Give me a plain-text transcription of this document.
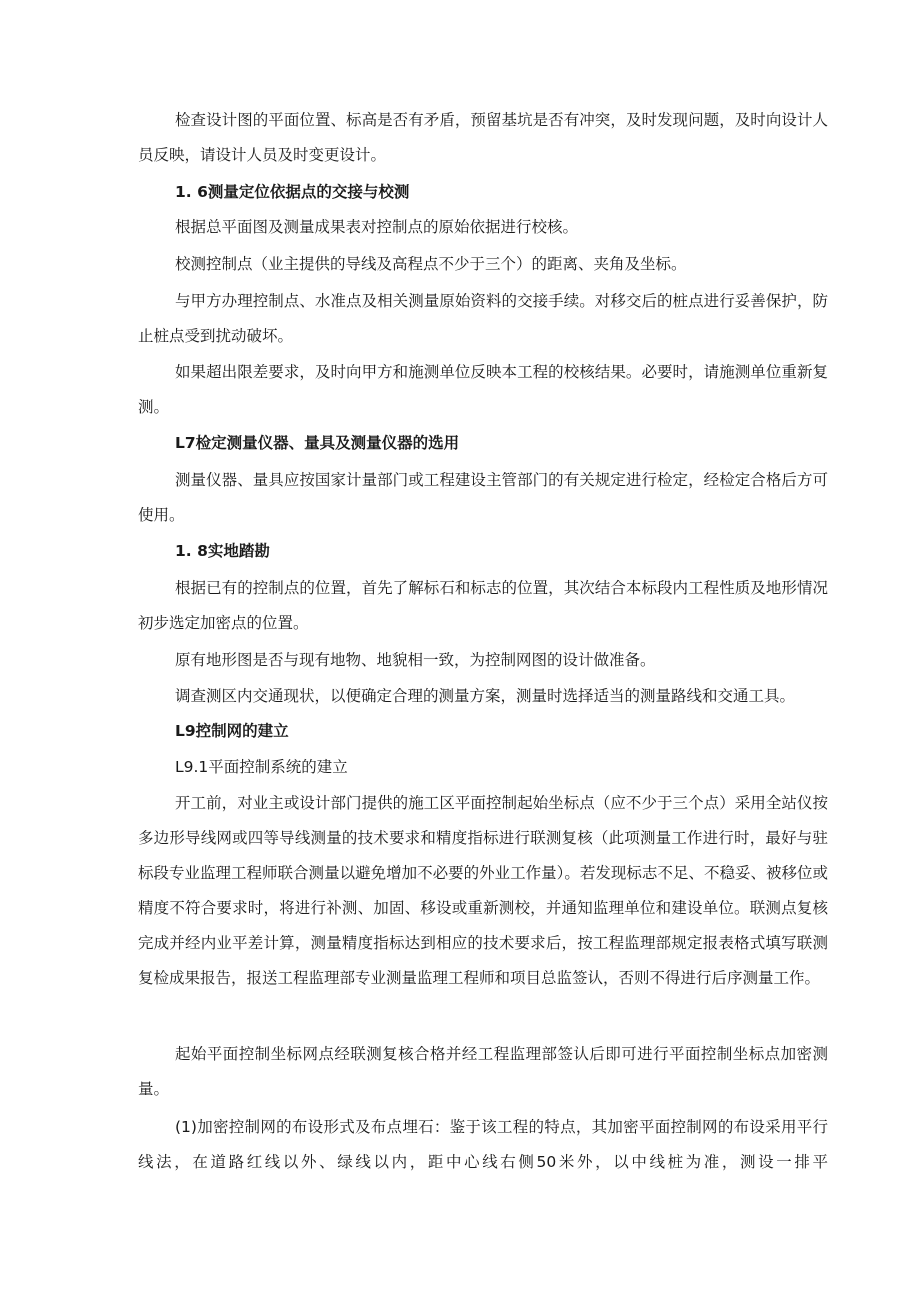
检查设计图的平面位置、标高是否有矛盾，预留基坑是否有冲突，及时发现问题，及时向设计人员反映，请设计人员及时变更设计。
1. 6测量定位依据点的交接与校测
根据总平面图及测量成果表对控制点的原始依据进行校核。
校测控制点（业主提供的导线及高程点不少于三个）的距离、夹角及坐标。
与甲方办理控制点、水准点及相关测量原始资料的交接手续。对移交后的桩点进行妥善保护，防止桩点受到扰动破坏。
如果超出限差要求，及时向甲方和施测单位反映本工程的校核结果。必要时，请施测单位重新复测。
L7检定测量仪器、量具及测量仪器的选用
测量仪器、量具应按国家计量部门或工程建设主管部门的有关规定进行检定，经检定合格后方可使用。
1. 8实地踏勘
根据已有的控制点的位置，首先了解标石和标志的位置，其次结合本标段内工程性质及地形情况初步选定加密点的位置。
原有地形图是否与现有地物、地貌相一致，为控制网图的设计做准备。
调查测区内交通现状，以便确定合理的测量方案，测量时选择适当的测量路线和交通工具。
L9控制网的建立
L9.1平面控制系统的建立
开工前，对业主或设计部门提供的施工区平面控制起始坐标点（应不少于三个点）采用全站仪按多边形导线网或四等导线测量的技术要求和精度指标进行联测复核（此项测量工作进行时，最好与驻标段专业监理工程师联合测量以避免增加不必要的外业工作量）。若发现标志不足、不稳妥、被移位或精度不符合要求时，将进行补测、加固、移设或重新测校，并通知监理单位和建设单位。联测点复核完成并经内业平差计算，测量精度指标达到相应的技术要求后，按工程监理部规定报表格式填写联测复检成果报告，报送工程监理部专业测量监理工程师和项目总监签认，否则不得进行后序测量工作。
起始平面控制坐标网点经联测复核合格并经工程监理部签认后即可进行平面控制坐标点加密测量。
(1)加密控制网的布设形式及布点埋石：鉴于该工程的特点，其加密平面控制网的布设采用平行线法，在道路红线以外、绿线以内，距中心线右侧50米外，以中线桩为准，测设一排平
